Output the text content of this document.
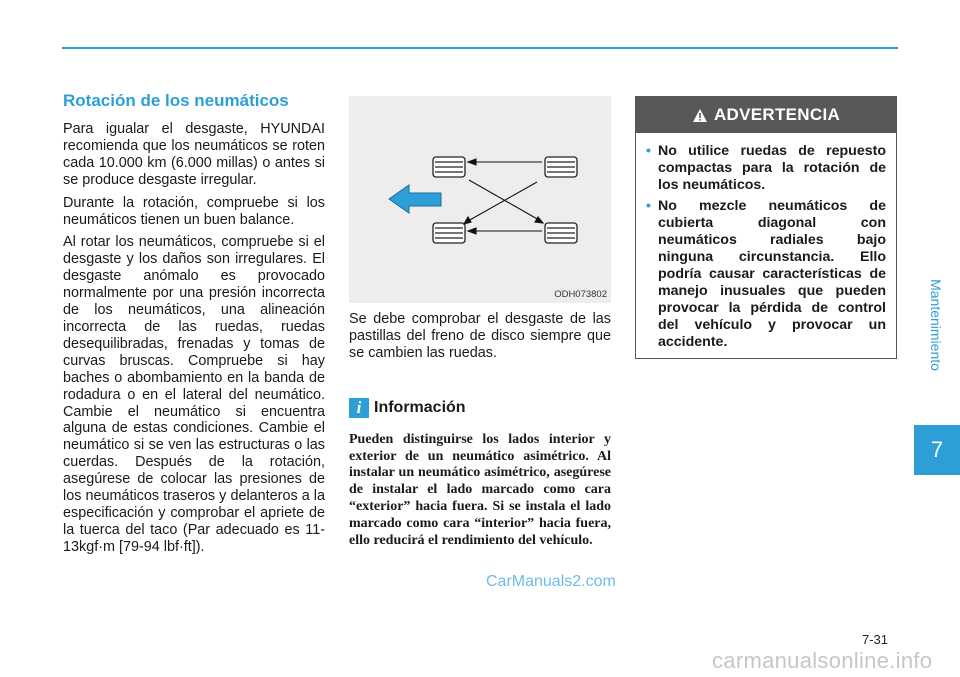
Mantenimiento
7
Rotación de los neumáticos

Para igualar el desgaste, HYUNDAI recomienda que los neumáticos se roten cada 10.000 km (6.000 millas) o antes si se produce desgaste irregular.

Durante la rotación, compruebe si los neumáticos tienen un buen balance.

Al rotar los neumáticos, compruebe si el desgaste y los daños son irregulares. El desgaste anómalo es provocado normalmente por una presión incorrecta de los neumáticos, una alineación incorrecta de las ruedas, ruedas desequilibradas, frenadas y tomas de curvas bruscas. Compruebe si hay baches o abombamiento en la banda de rodadura o en el lateral del neumático. Cambie el neumático si encuentra alguna de estas condiciones. Cambie el neumático si se ven las estructuras o las cuerdas. Después de la rotación, asegúrese de colocar las presiones de los neumáticos traseros y delanteros a la especificación y comprobar el apriete de la tuerca del taco (Par adecuado es 11-13kgf·m [79-94 lbf·ft]).

ODH073802

Se debe comprobar el desgaste de las pastillas del freno de disco siempre que se cambien las ruedas.

i Información

Pueden distinguirse los lados interior y exterior de un neumático asimétrico. Al instalar un neumático asimétrico, asegúrese de instalar el lado marcado como cara “exterior” hacia fuera. Si se instala el lado marcado como cara “interior” hacia fuera, ello reducirá el rendimiento del vehículo.

ADVERTENCIA
• No utilice ruedas de repuesto compactas para la rotación de los neumáticos.
• No mezcle neumáticos de cubierta diagonal con neumáticos radiales bajo ninguna circunstancia. Ello podría causar características de manejo inusuales que pueden provocar la pérdida de control del vehículo y provocar un accidente.
7-31
CarManuals2.com
carmanualsonline.info
